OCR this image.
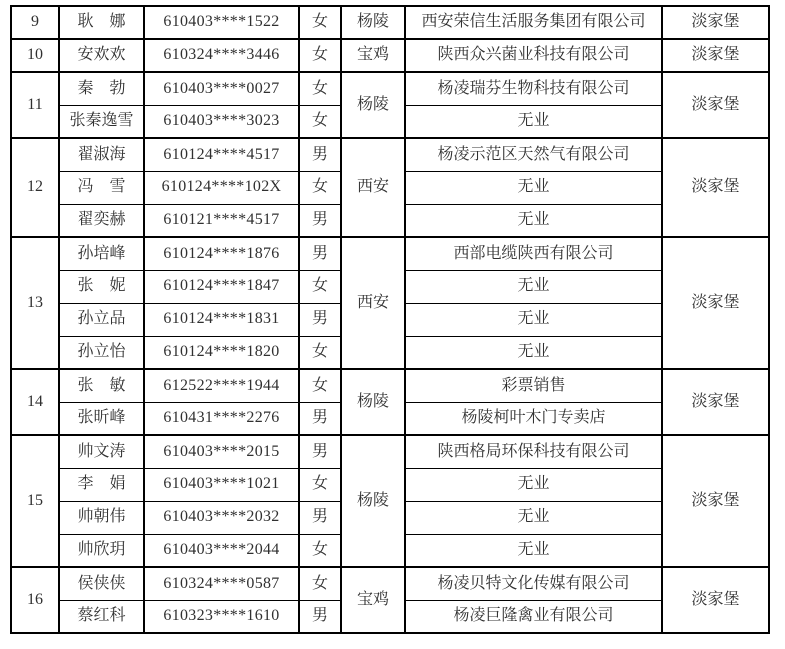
9	耿　娜	610403****1522	女	杨陵	西安荣信生活服务集团有限公司	淡家堡
10	安欢欢	610324****3446	女	宝鸡	陕西众兴菌业科技有限公司	淡家堡
11	秦　勃	610403****0027	女	杨陵	杨凌瑞芬生物科技有限公司	淡家堡
	张秦逸雪	610403****3023	女		无业	
12	翟淑海	610124****4517	男	西安	杨凌示范区天然气有限公司	淡家堡
	冯　雪	610124****102X	女		无业	
	翟奕赫	610121****4517	男		无业	
13	孙培峰	610124****1876	男	西安	西部电缆陕西有限公司	淡家堡
	张　妮	610124****1847	女		无业	
	孙立品	610124****1831	男		无业	
	孙立怡	610124****1820	女		无业	
14	张　敏	612522****1944	女	杨陵	彩票销售	淡家堡
	张昕峰	610431****2276	男		杨陵柯叶木门专卖店	
15	帅文涛	610403****2015	男	杨陵	陕西格局环保科技有限公司	淡家堡
	李　娟	610403****1021	女		无业	
	帅朝伟	610403****2032	男		无业	
	帅欣玥	610403****2044	女		无业	
16	侯侠侠	610324****0587	女	宝鸡	杨凌贝特文化传媒有限公司	淡家堡
	蔡红科	610323****1610	男		杨凌巨隆禽业有限公司	
